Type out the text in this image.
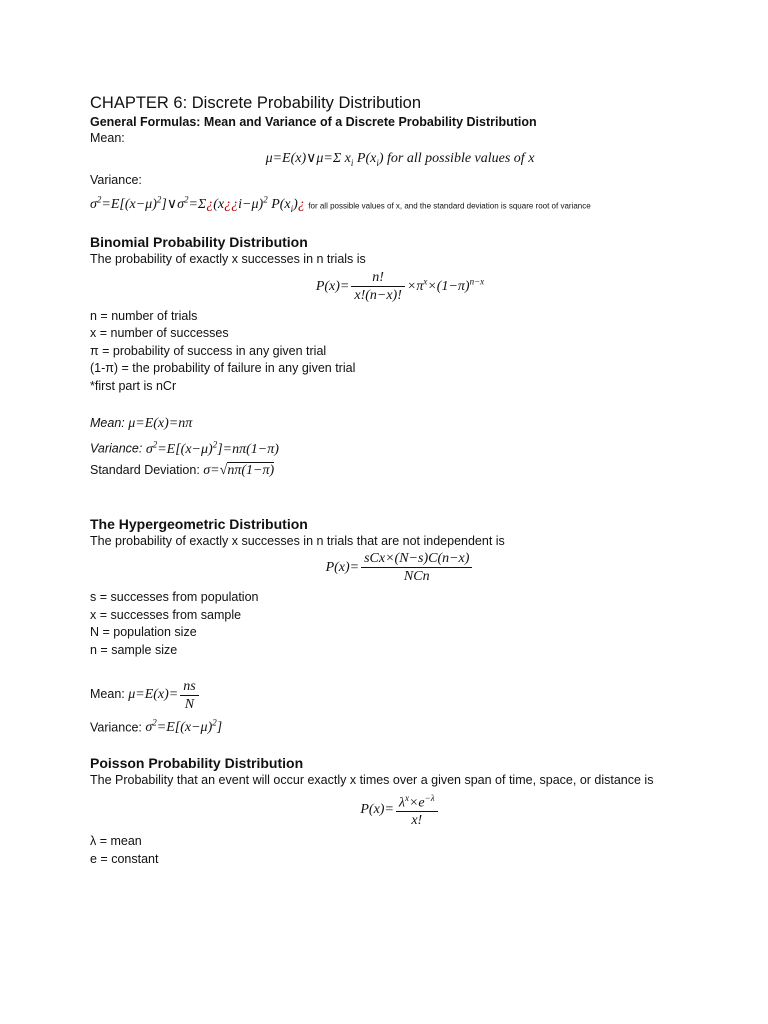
CHAPTER 6: Discrete Probability Distribution

General Formulas: Mean and Variance of a Discrete Probability Distribution

Mean:

μ=E(x)∨μ=Σ $x_i$ $P(x_i)$ for all possible values of x

Variance:

$\sigma^2=E[(x-\mu)^2]\vee\sigma^2=\Sigma¿(x¿¿i-\mu)^2$ $P(x_i)¿$ for all possible values of x, and the standard deviation is square root of variance

Binomial Probability Distribution

The probability of exactly x successes in n trials is

$P(x)= \frac{n!}{x!(n-x)!} \times\pi^x\times(1-\pi)^{n-x}$

n = number of trials

x = number of successes

π = probability of success in any given trial

(1-π) = the probability of failure in any given trial

*first part is nCr

Mean: μ=E(x)=nπ

Variance: $\sigma^2=E[(x-\mu)^2]=n\pi(1-\pi)$

Standard Deviation: σ=√nπ(1−π)

The Hypergeometric Distribution

The probability of exactly x successes in n trials that are not independent is

$P(x)= \frac{\text{sCx×(N−s)C(n−x)}}{\text{NCn}}$

s = successes from population

x = successes from sample

N = population size

n = sample size

Mean: $\mu=E(x)= \frac{ns}{N}$

Variance: $\sigma^2=E[(x-\mu)^2]$

Poisson Probability Distribution

The Probability that an event will occur exactly x times over a given span of time, space, or distance is

$P(x)= \frac{\lambda^x\times e^{-\lambda}}{x!}$

λ = mean

e = constant
